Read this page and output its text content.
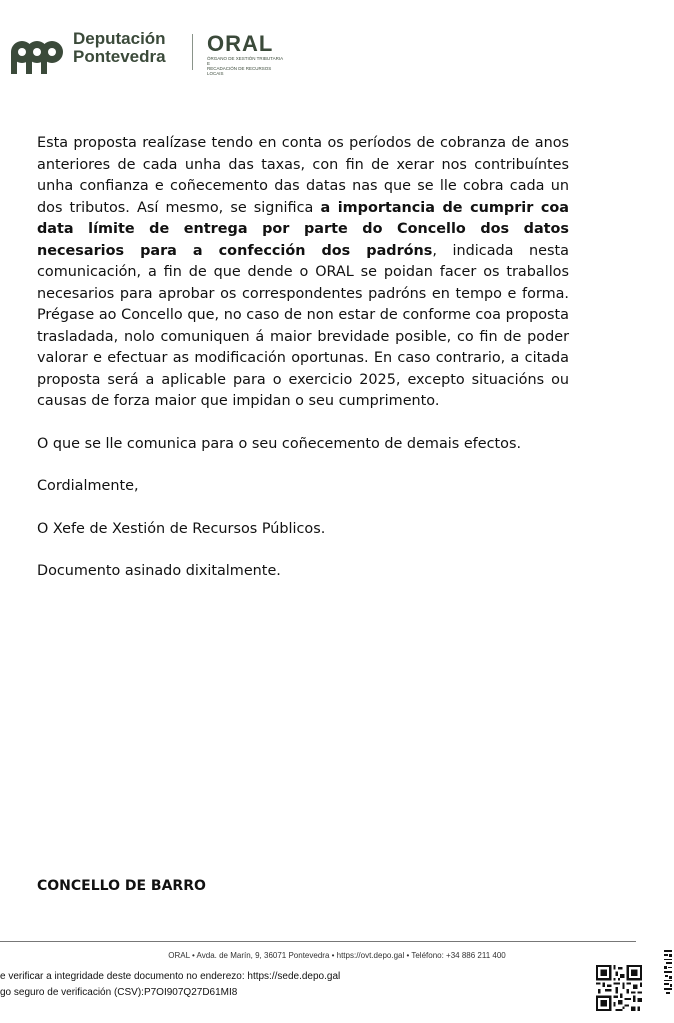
Deputación
Pontevedra
ORAL
ÓRGANO DE XESTIÓN TRIBUTARIA E
RECADACIÓN DE RECURSOS LOCAIS

Esta proposta realízase tendo en conta os períodos de cobranza de anos anteriores de cada unha das taxas, con fin de xerar nos contribuíntes unha confianza e coñecemento das datas nas que se lle cobra cada un dos tributos. Así mesmo, se significa a importancia de cumprir coa data límite de entrega por parte do Concello dos datos necesarios para a confección dos padróns, indicada nesta comunicación, a fin de que dende o ORAL se poidan facer os traballos necesarios para aprobar os correspondentes padróns en tempo e forma. Prégase ao Concello que, no caso de non estar de conforme coa proposta trasladada, nolo comuniquen á maior brevidade posible, co fin de poder valorar e efectuar as modificación oportunas. En caso contrario, a citada proposta será a aplicable para o exercicio 2025, excepto situacións ou causas de forza maior que impidan o seu cumprimento.

O que se lle comunica para o seu coñecemento de demais efectos.

Cordialmente,

O Xefe de Xestión de Recursos Públicos.

Documento asinado dixitalmente.

CONCELLO DE BARRO
ORAL • Avda. de Marín, 9, 36071 Pontevedra • https://ovt.depo.gal • Teléfono: +34 886 211 400
e verificar a integridade deste documento no enderezo: https://sede.depo.gal
go seguro de verificación (CSV):P7OI907Q27D61MI8
